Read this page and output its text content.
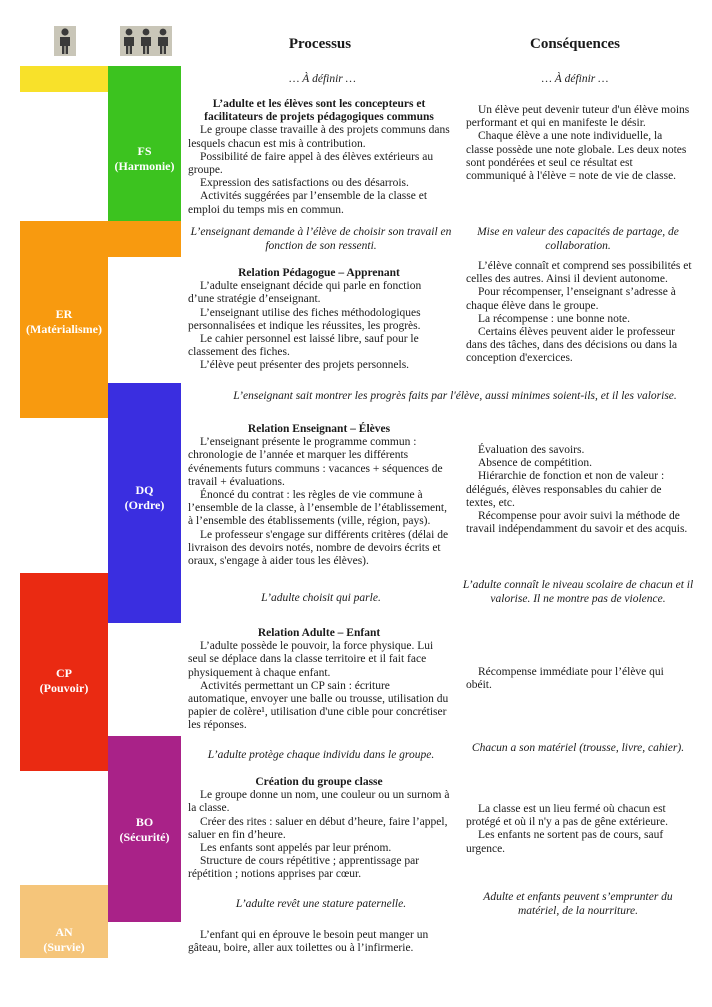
Processus	Conséquences
FS
(Harmonie)
ER
(Matérialisme)
DQ
(Ordre)
CP
(Pouvoir)
BO
(Sécurité)
AN
(Survie)
… À définir …	… À définir …
L’adulte et les élèves sont les concepteurs et facilitateurs de projets pédagogiques communs
Le groupe classe travaille à des projets communs dans lesquels chacun est mis à contribution.
Possibilité de faire appel à des élèves extérieurs au groupe.
Expression des satisfactions ou des désarrois.
Activités suggérées par l’ensemble de la classe et emploi du temps mis en commun.
Un élève peut devenir tuteur d'un élève moins performant et qui en manifeste le désir.
Chaque élève a une note individuelle, la classe possède une note globale. Les deux notes sont pondérées et seul ce résultat est communiqué à l'élève = note de vie de classe.
L’enseignant demande à l’élève de choisir son travail en fonction de son ressenti.
Mise en valeur des capacités de partage, de collaboration.
Relation Pédagogue – Apprenant
L’adulte enseignant décide qui parle en fonction d’une stratégie d’enseignant.
L’enseignant utilise des fiches méthodologiques personnalisées et indique les réussites, les progrès.
Le cahier personnel est laissé libre, sauf pour le classement des fiches.
L’élève peut présenter des projets personnels.
L’élève connaît et comprend ses possibilités et celles des autres. Ainsi il devient autonome.
Pour récompenser, l’enseignant s’adresse à chaque élève dans le groupe.
La récompense : une bonne note.
Certains élèves peuvent aider le professeur dans des tâches, dans des décisions ou dans la conception d'exercices.
L’enseignant sait montrer les progrès faits par l'élève, aussi minimes soient-ils, et il les valorise.
Relation Enseignant – Élèves
L’enseignant présente le programme commun : chronologie de l’année et marquer les différents événements futurs communs : vacances + séquences de travail + évaluations.
Énoncé du contrat : les règles de vie commune à l’ensemble de la classe, à l’ensemble de l’établissement, à l’ensemble des établissements (ville, région, pays).
Le professeur s'engage sur différents critères (délai de livraison des devoirs notés, nombre de devoirs écrits et oraux, s'engage à aider tous les élèves).
Évaluation des savoirs.
Absence de compétition.
Hiérarchie de fonction et non de valeur : délégués, élèves responsables du cahier de textes, etc.
Récompense pour avoir suivi la méthode de travail indépendamment du savoir et des acquis.
L’adulte choisit qui parle.
L’adulte connaît le niveau scolaire de chacun et il valorise. Il ne montre pas de violence.
Relation Adulte – Enfant
L’adulte possède le pouvoir, la force physique. Lui seul se déplace dans la classe territoire et il fait face physiquement à chaque enfant.
Activités permettant un CP sain : écriture automatique, envoyer une balle ou trousse, utilisation du papier de colère¹, utilisation d'une cible pour concrétiser les réponses.
Récompense immédiate pour l’élève qui obéit.
L’adulte protège chaque individu dans le groupe.
Chacun a son matériel (trousse, livre, cahier).
Création du groupe classe
Le groupe donne un nom, une couleur ou un surnom à la classe.
Créer des rites : saluer en début d’heure, faire l’appel, saluer en fin d’heure.
Les enfants sont appelés par leur prénom.
Structure de cours répétitive ; apprentissage par répétition ; notions apprises par cœur.
La classe est un lieu fermé où chacun est protégé et où il n'y a pas de gêne extérieure.
Les enfants ne sortent pas de cours, sauf urgence.
L’adulte revêt une stature paternelle.
Adulte et enfants peuvent s’emprunter du matériel, de la nourriture.
L’enfant qui en éprouve le besoin peut manger un gâteau, boire, aller aux toilettes ou à l’infirmerie.
